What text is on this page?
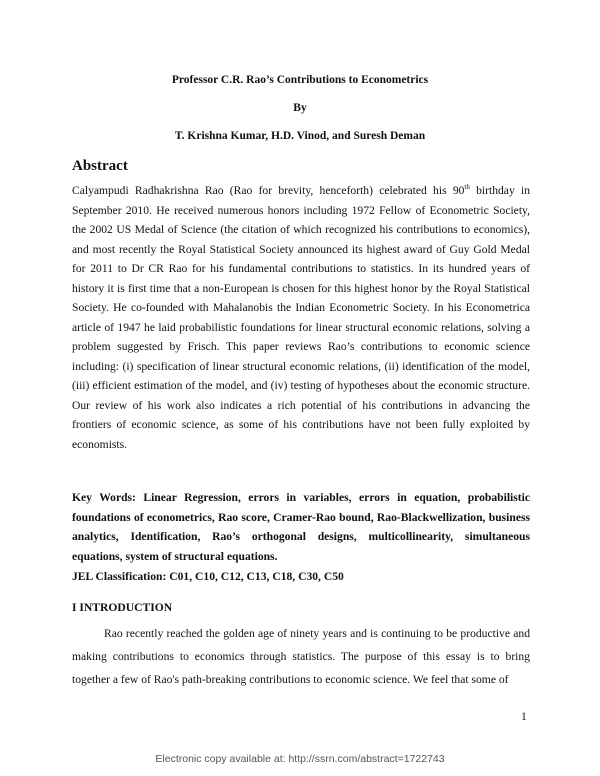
Professor C.R. Rao’s Contributions to Econometrics
By
T. Krishna Kumar, H.D. Vinod, and Suresh Deman
Abstract

Calyampudi Radhakrishna Rao (Rao for brevity, henceforth) celebrated his 90th birthday in September 2010. He received numerous honors including 1972 Fellow of Econometric Society, the 2002 US Medal of Science (the citation of which recognized his contributions to economics), and most recently the Royal Statistical Society announced its highest award of Guy Gold Medal for 2011 to Dr CR Rao for his fundamental contributions to statistics. In its hundred years of history it is first time that a non-European is chosen for this highest honor by the Royal Statistical Society. He co-founded with Mahalanobis the Indian Econometric Society. In his Econometrica article of 1947 he laid probabilistic foundations for linear structural economic relations, solving a problem suggested by Frisch. This paper reviews Rao’s contributions to economic science including: (i) specification of linear structural economic relations, (ii) identification of the model, (iii) efficient estimation of the model, and (iv) testing of hypotheses about the economic structure. Our review of his work also indicates a rich potential of his contributions in advancing the frontiers of economic science, as some of his contributions have not been fully exploited by economists.

Key Words: Linear Regression, errors in variables, errors in equation, probabilistic foundations of econometrics, Rao score, Cramer-Rao bound, Rao-Blackwellization, business analytics, Identification, Rao’s orthogonal designs, multicollinearity, simultaneous equations, system of structural equations.

JEL Classification: C01, C10, C12, C13, C18, C30, C50
I INTRODUCTION

Rao recently reached the golden age of ninety years and is continuing to be productive and making contributions to economics through statistics. The purpose of this essay is to bring together a few of Rao's path-breaking contributions to economic science. We feel that some of

1
Electronic copy available at: http://ssrn.com/abstract=1722743
